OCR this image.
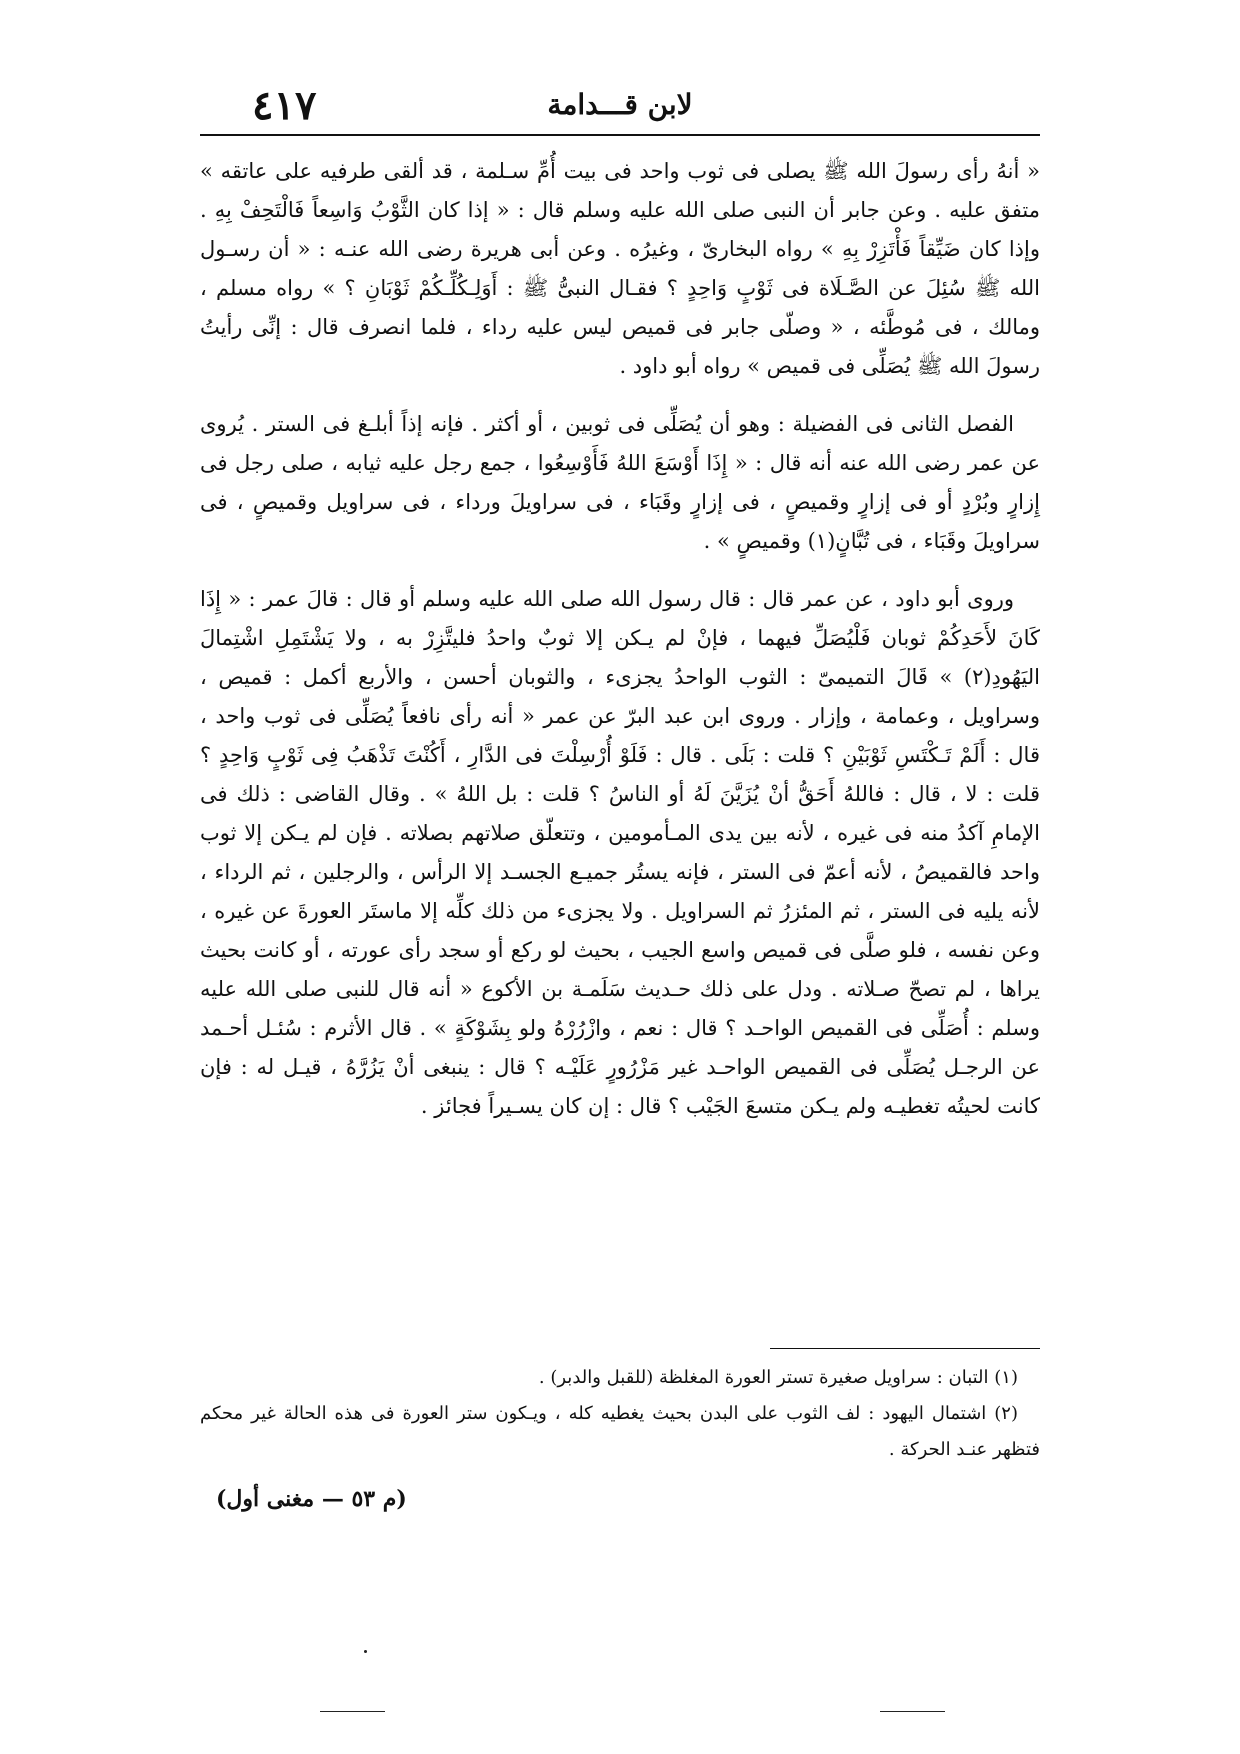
٤١٧	لابن قـــدامة

« أنهُ رأى رسولَ الله ﷺ يصلى فى ثوب واحد فى بيت أُمِّ سـلمة ، قد ألقى طرفيه على عاتقه » متفق عليه . وعن جابر أن النبى صلى الله عليه وسلم قال : « إذا كان الثَّوْبُ وَاسِعاً فَالْتَحِفْ بِهِ . وإذا كان ضَيِّقاً فَأْتَزِرْ بِهِ » رواه البخارىّ ، وغيرُه . وعن أبى هريرة رضى الله عنـه : « أن رسـول الله ﷺ سُئِلَ عن الصَّـلَاة فى ثَوْبٍ وَاحِدٍ ؟ فقـال النبىُّ ﷺ : أَوَلِـكُلِّـكُمْ ثَوْبَانِ ؟ » رواه مسلم ، ومالك ، فى مُوطَّئه ، « وصلّى جابر فى قميص ليس عليه رداء ، فلما انصرف قال : إنِّى رأيتُ رسولَ الله ﷺ يُصَلِّى فى قميص » رواه أبو داود .

الفصل الثانى فى الفضيلة : وهو أن يُصَلِّى فى ثوبين ، أو أكثر . فإنه إذاً أبلـغ فى الستر . يُروى عن عمر رضى الله عنه أنه قال : « إِذَا أَوْسَعَ اللهُ فَأَوْسِعُوا ، جمع رجل عليه ثيابه ، صلى رجل فى إِزارٍ وبُرْدٍ أو فى إزارٍ وقميصٍ ، فى إزارٍ وقَبَاء ، فى سراويلَ ورداء ، فى سراويل وقميصٍ ، فى سراويلَ وقَبَاء ، فى تُبَّانٍ(١) وقميصٍ » .

وروى أبو داود ، عن عمر قال : قال رسول الله صلى الله عليه وسلم أو قال : قالَ عمر : « إِذَا كَانَ لأَحَدِكُمْ ثوبان فَلْيُصَلِّ فيهما ، فإنْ لم يـكن إلا ثوبٌ واحدُ فليتَّزِرْ به ، ولا يَشْتَمِلِ اشْتِمالَ اليَهُودِ(٢) » قَالَ التميمىّ : الثوب الواحدُ يجزىء ، والثوبان أحسن ، والأربع أكمل : قميص ، وسراويل ، وعمامة ، وإزار . وروى ابن عبد البرّ عن عمر « أنه رأى نافعاً يُصَلِّى فى ثوب واحد ، قال : أَلَمْ تَـكْتَسِ ثَوْبَيْنِ ؟ قلت : بَلَى . قال : فَلَوْ أُرْسِلْتَ فى الدَّارِ ، أَكُنْتَ تَذْهَبُ فِى ثَوْبٍ وَاحِدٍ ؟ قلت : لا ، قال : فاللهُ أَحَقُّ أنْ يُزَيَّنَ لَهُ أو الناسُ ؟ قلت : بل اللهُ » . وقال القاضى : ذلك فى الإمامِ آكدُ منه فى غيره ، لأنه بين يدى المـأمومين ، وتتعلّق صلاتهم بصلاته . فإن لم يـكن إلا ثوب واحد فالقميصُ ، لأنه أعمّ فى الستر ، فإنه يستُر جميـع الجسـد إلا الرأس ، والرجلين ، ثم الرداء ، لأنه يليه فى الستر ، ثم المئزرُ ثم السراويل . ولا يجزىء من ذلك كلِّه إلا ماستَر العورةَ عن غيره ، وعن نفسه ، فلو صلَّى فى قميص واسع الجيب ، بحيث لو ركع أو سجد رأى عورته ، أو كانت بحيث يراها ، لم تصحّ صـلاته . ودل على ذلك حـديث سَلَمـة بن الأكوع « أنه قال للنبى صلى الله عليه وسلم : أُصَلِّى فى القميص الواحـد ؟ قال : نعم ، وازْرُرْهُ ولو بِشَوْكَةٍ » . قال الأثرم : سُئـل أحـمد عن الرجـل يُصَلِّى فى القميص الواحـد غير مَزْرُورٍ عَلَيْـه ؟ قال : ينبغى أنْ يَزُرَّهُ ، قيـل له : فإن كانت لحيتُه تغطيـه ولم يـكن متسعَ الجَيْب ؟ قال : إن كان يسـيراً فجائز .

(١) التبان : سراويل صغيرة تستر العورة المغلظة (للقبل والدبر) .

(٢) اشتمال اليهود : لف الثوب على البدن بحيث يغطيه كله ، ويـكون ستر العورة فى هذه الحالة غير محكم فتظهر عنـد الحركة .

(م ٥٣ — مغنى أول)
